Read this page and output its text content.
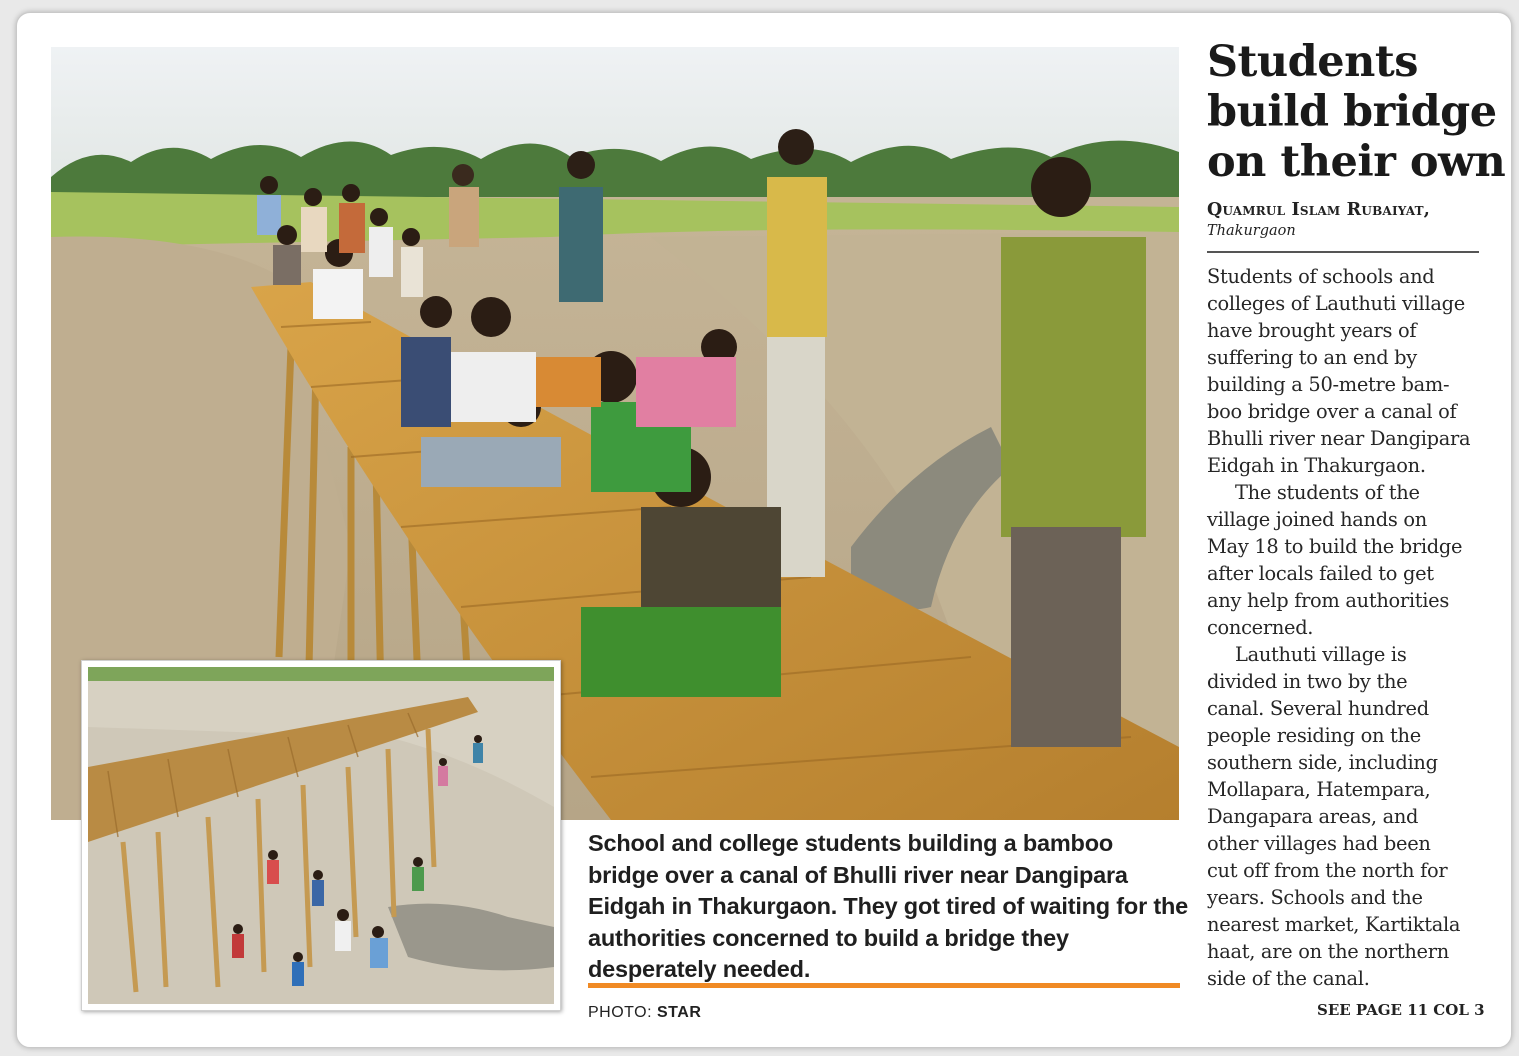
School and college students building a bamboo bridge over a canal of Bhulli river near Dangipara Eidgah in Thakurgaon. They got tired of waiting for the authorities concerned to build a bridge they desperately needed.

PHOTO: STAR
Students build bridge on their own
Quamrul Islam Rubaiyat,
Thakurgaon
Students of schools and
colleges of Lauthuti village
have brought years of
suffering to an end by
building a 50-metre bam-
boo bridge over a canal of
Bhulli river near Dangipara
Eidgah in Thakurgaon.
The students of the
village joined hands on
May 18 to build the bridge
after locals failed to get
any help from authorities
concerned.
Lauthuti village is
divided in two by the
canal. Several hundred
people residing on the
southern side, including
Mollapara, Hatempara,
Dangapara areas, and
other villages had been
cut off from the north for
years. Schools and the
nearest market, Kartiktala
haat, are on the northern
side of the canal.
SEE PAGE 11 COL 3
